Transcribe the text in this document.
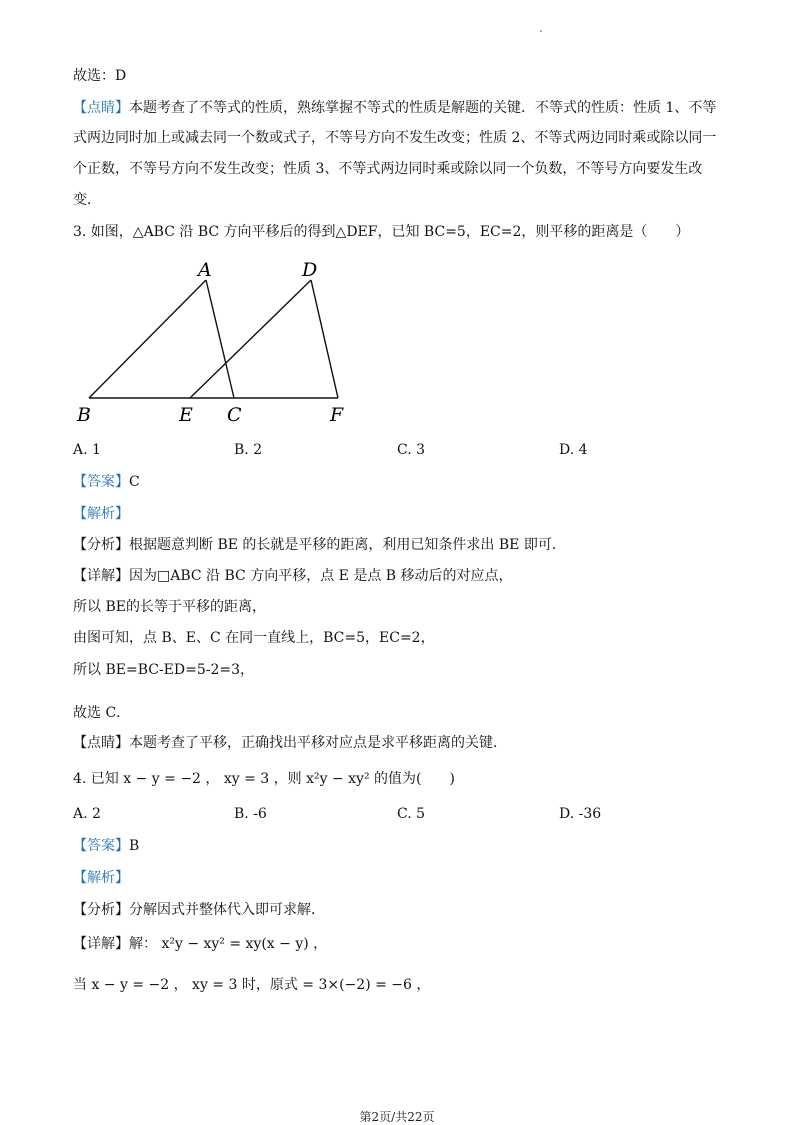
故选：D
【点睛】本题考查了不等式的性质，熟练掌握不等式的性质是解题的关键．不等式的性质：性质 1、不等
式两边同时加上或减去同一个数或式子，不等号方向不发生改变；性质 2、不等式两边同时乘或除以同一
个正数，不等号方向不发生改变；性质 3、不等式两边同时乘或除以同一个负数，不等号方向要发生改
变．
3. 如图，△ABC 沿 BC 方向平移后的得到△DEF，已知 BC=5，EC=2，则平移的距离是（　　）
A	D
B	E C	F
A. 1	B. 2	C. 3	D. 4
【答案】C
【解析】
【分析】根据题意判断 BE 的长就是平移的距离，利用已知条件求出 BE 即可．
【详解】因为□ABC 沿 BC 方向平移，点 E 是点 B 移动后的对应点，
所以 BE的长等于平移的距离，
由图可知，点 B、E、C 在同一直线上，BC=5，EC=2，
所以 BE=BC-ED=5-2=3，
故选 C．
【点睛】本题考查了平移，正确找出平移对应点是求平移距离的关键．
4. 已知 x − y = −2 ， xy = 3 ，则 x²y − xy² 的值为(　　)
A. 2	B. -6	C. 5	D. -36
【答案】B
【解析】
【分析】分解因式并整体代入即可求解．
【详解】解： x²y − xy² = xy(x − y) ，
当 x − y = −2 ， xy = 3 时，原式 = 3×(−2) = −6 ，
第2页/共22页
